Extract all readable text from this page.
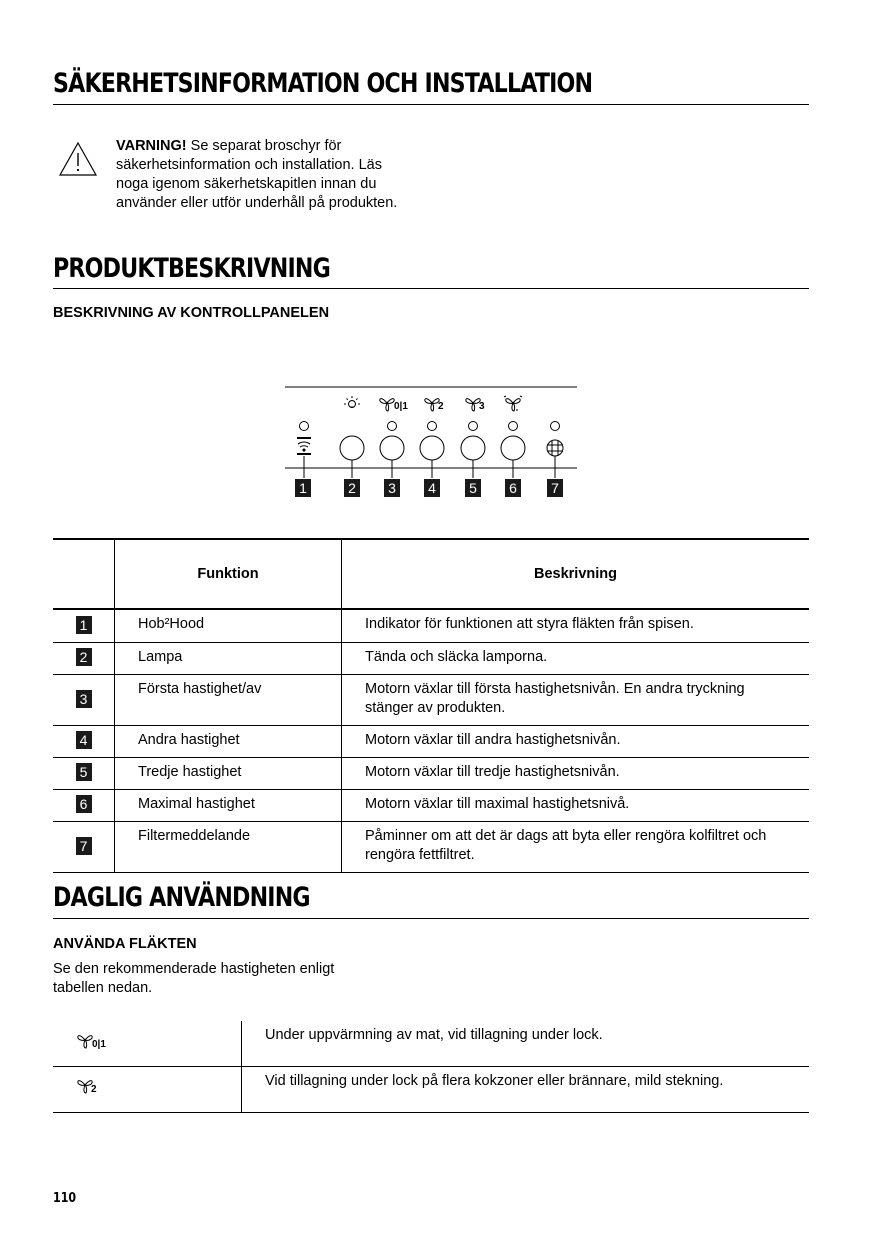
SÄKERHETSINFORMATION OCH INSTALLATION
VARNING! Se separat broschyr för säkerhetsinformation och installation. Läs noga igenom säkerhetskapitlen innan du använder eller utför underhåll på produkten.
PRODUKTBESKRIVNING
BESKRIVNING AV KONTROLLPANELEN
0|1	2	3
1	2 3 4 5 6 7
	Funktion	Beskrivning
1	Hob²Hood	Indikator för funktionen att styra fläkten från spisen.
2	Lampa	Tända och släcka lamporna.
3	Första hastighet/av	Motorn växlar till första hastighetsnivån. En andra tryckning stänger av produkten.
4	Andra hastighet	Motorn växlar till andra hastighetsnivån.
5	Tredje hastighet	Motorn växlar till tredje hastighetsnivån.
6	Maximal hastighet	Motorn växlar till maximal hastighetsnivå.
7	Filtermeddelande	Påminner om att det är dags att byta eller rengöra kolfiltret och rengöra fettfiltret.
DAGLIG ANVÄNDNING
ANVÄNDA FLÄKTEN
Se den rekommenderade hastigheten enligt tabellen nedan.
0|1	Under uppvärmning av mat, vid tillagning under lock.

2	Vid tillagning under lock på flera kokzoner eller brännare, mild stekning.
110
